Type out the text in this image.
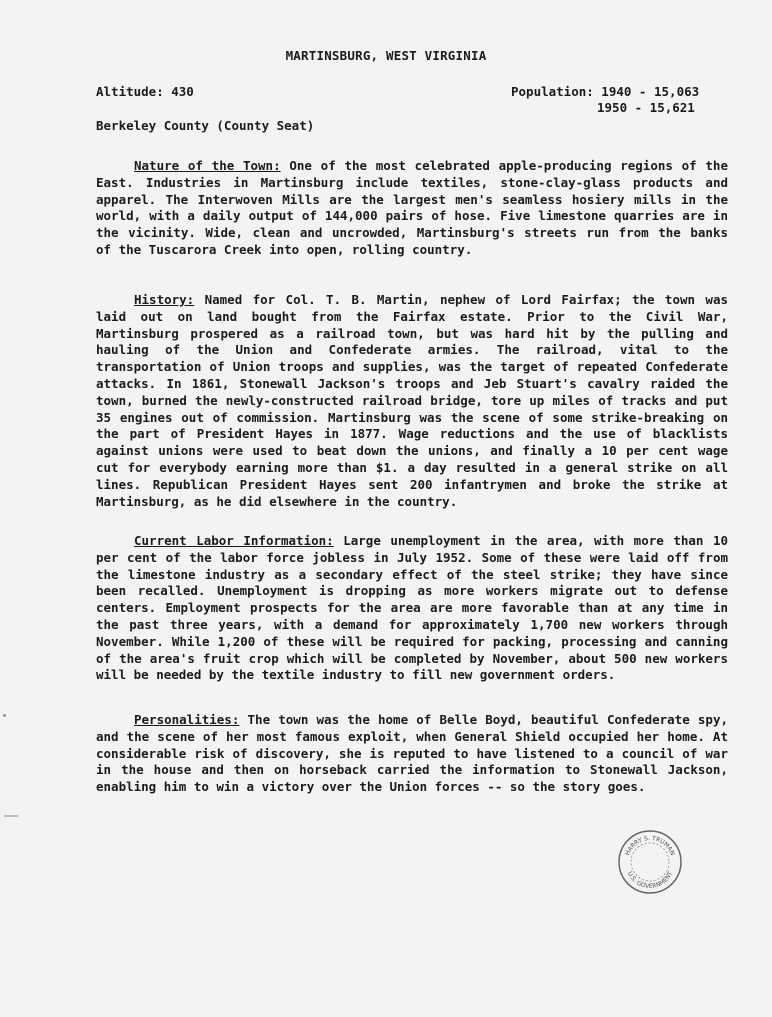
MARTINSBURG, WEST VIRGINIA
Altitude: 430	Population: 1940 - 15,063
1950 - 15,621
Berkeley County (County Seat)
Nature of the Town: One of the most celebrated apple-producing regions of the East. Industries in Martinsburg include textiles, stone-clay-glass products and apparel. The Interwoven Mills are the largest men's seamless hosiery mills in the world, with a daily output of 144,000 pairs of hose. Five limestone quarries are in the vicinity. Wide, clean and uncrowded, Martinsburg's streets run from the banks of the Tuscarora Creek into open, rolling country.
History: Named for Col. T. B. Martin, nephew of Lord Fairfax; the town was laid out on land bought from the Fairfax estate. Prior to the Civil War, Martinsburg prospered as a railroad town, but was hard hit by the pulling and hauling of the Union and Confederate armies. The railroad, vital to the transportation of Union troops and supplies, was the target of repeated Confederate attacks. In 1861, Stonewall Jackson's troops and Jeb Stuart's cavalry raided the town, burned the newly-constructed railroad bridge, tore up miles of tracks and put 35 engines out of commission. Martinsburg was the scene of some strike-breaking on the part of President Hayes in 1877. Wage reductions and the use of blacklists against unions were used to beat down the unions, and finally a 10 per cent wage cut for everybody earning more than $1. a day resulted in a general strike on all lines. Republican President Hayes sent 200 infantrymen and broke the strike at Martinsburg, as he did elsewhere in the country.
Current Labor Information: Large unemployment in the area, with more than 10 per cent of the labor force jobless in July 1952. Some of these were laid off from the limestone industry as a secondary effect of the steel strike; they have since been recalled. Unemployment is dropping as more workers migrate out to defense centers. Employment prospects for the area are more favorable than at any time in the past three years, with a demand for approximately 1,700 new workers through November. While 1,200 of these will be required for packing, processing and canning of the area's fruit crop which will be completed by November, about 500 new workers will be needed by the textile industry to fill new government orders.
Personalities: The town was the home of Belle Boyd, beautiful Confederate spy, and the scene of her most famous exploit, when General Shield occupied her home. At considerable risk of discovery, she is reputed to have listened to a council of war in the house and then on horseback carried the information to Stonewall Jackson, enabling him to win a victory over the Union forces -- so the story goes.
HARRY S. TRUMAN
U.S. GOVERNMENT
